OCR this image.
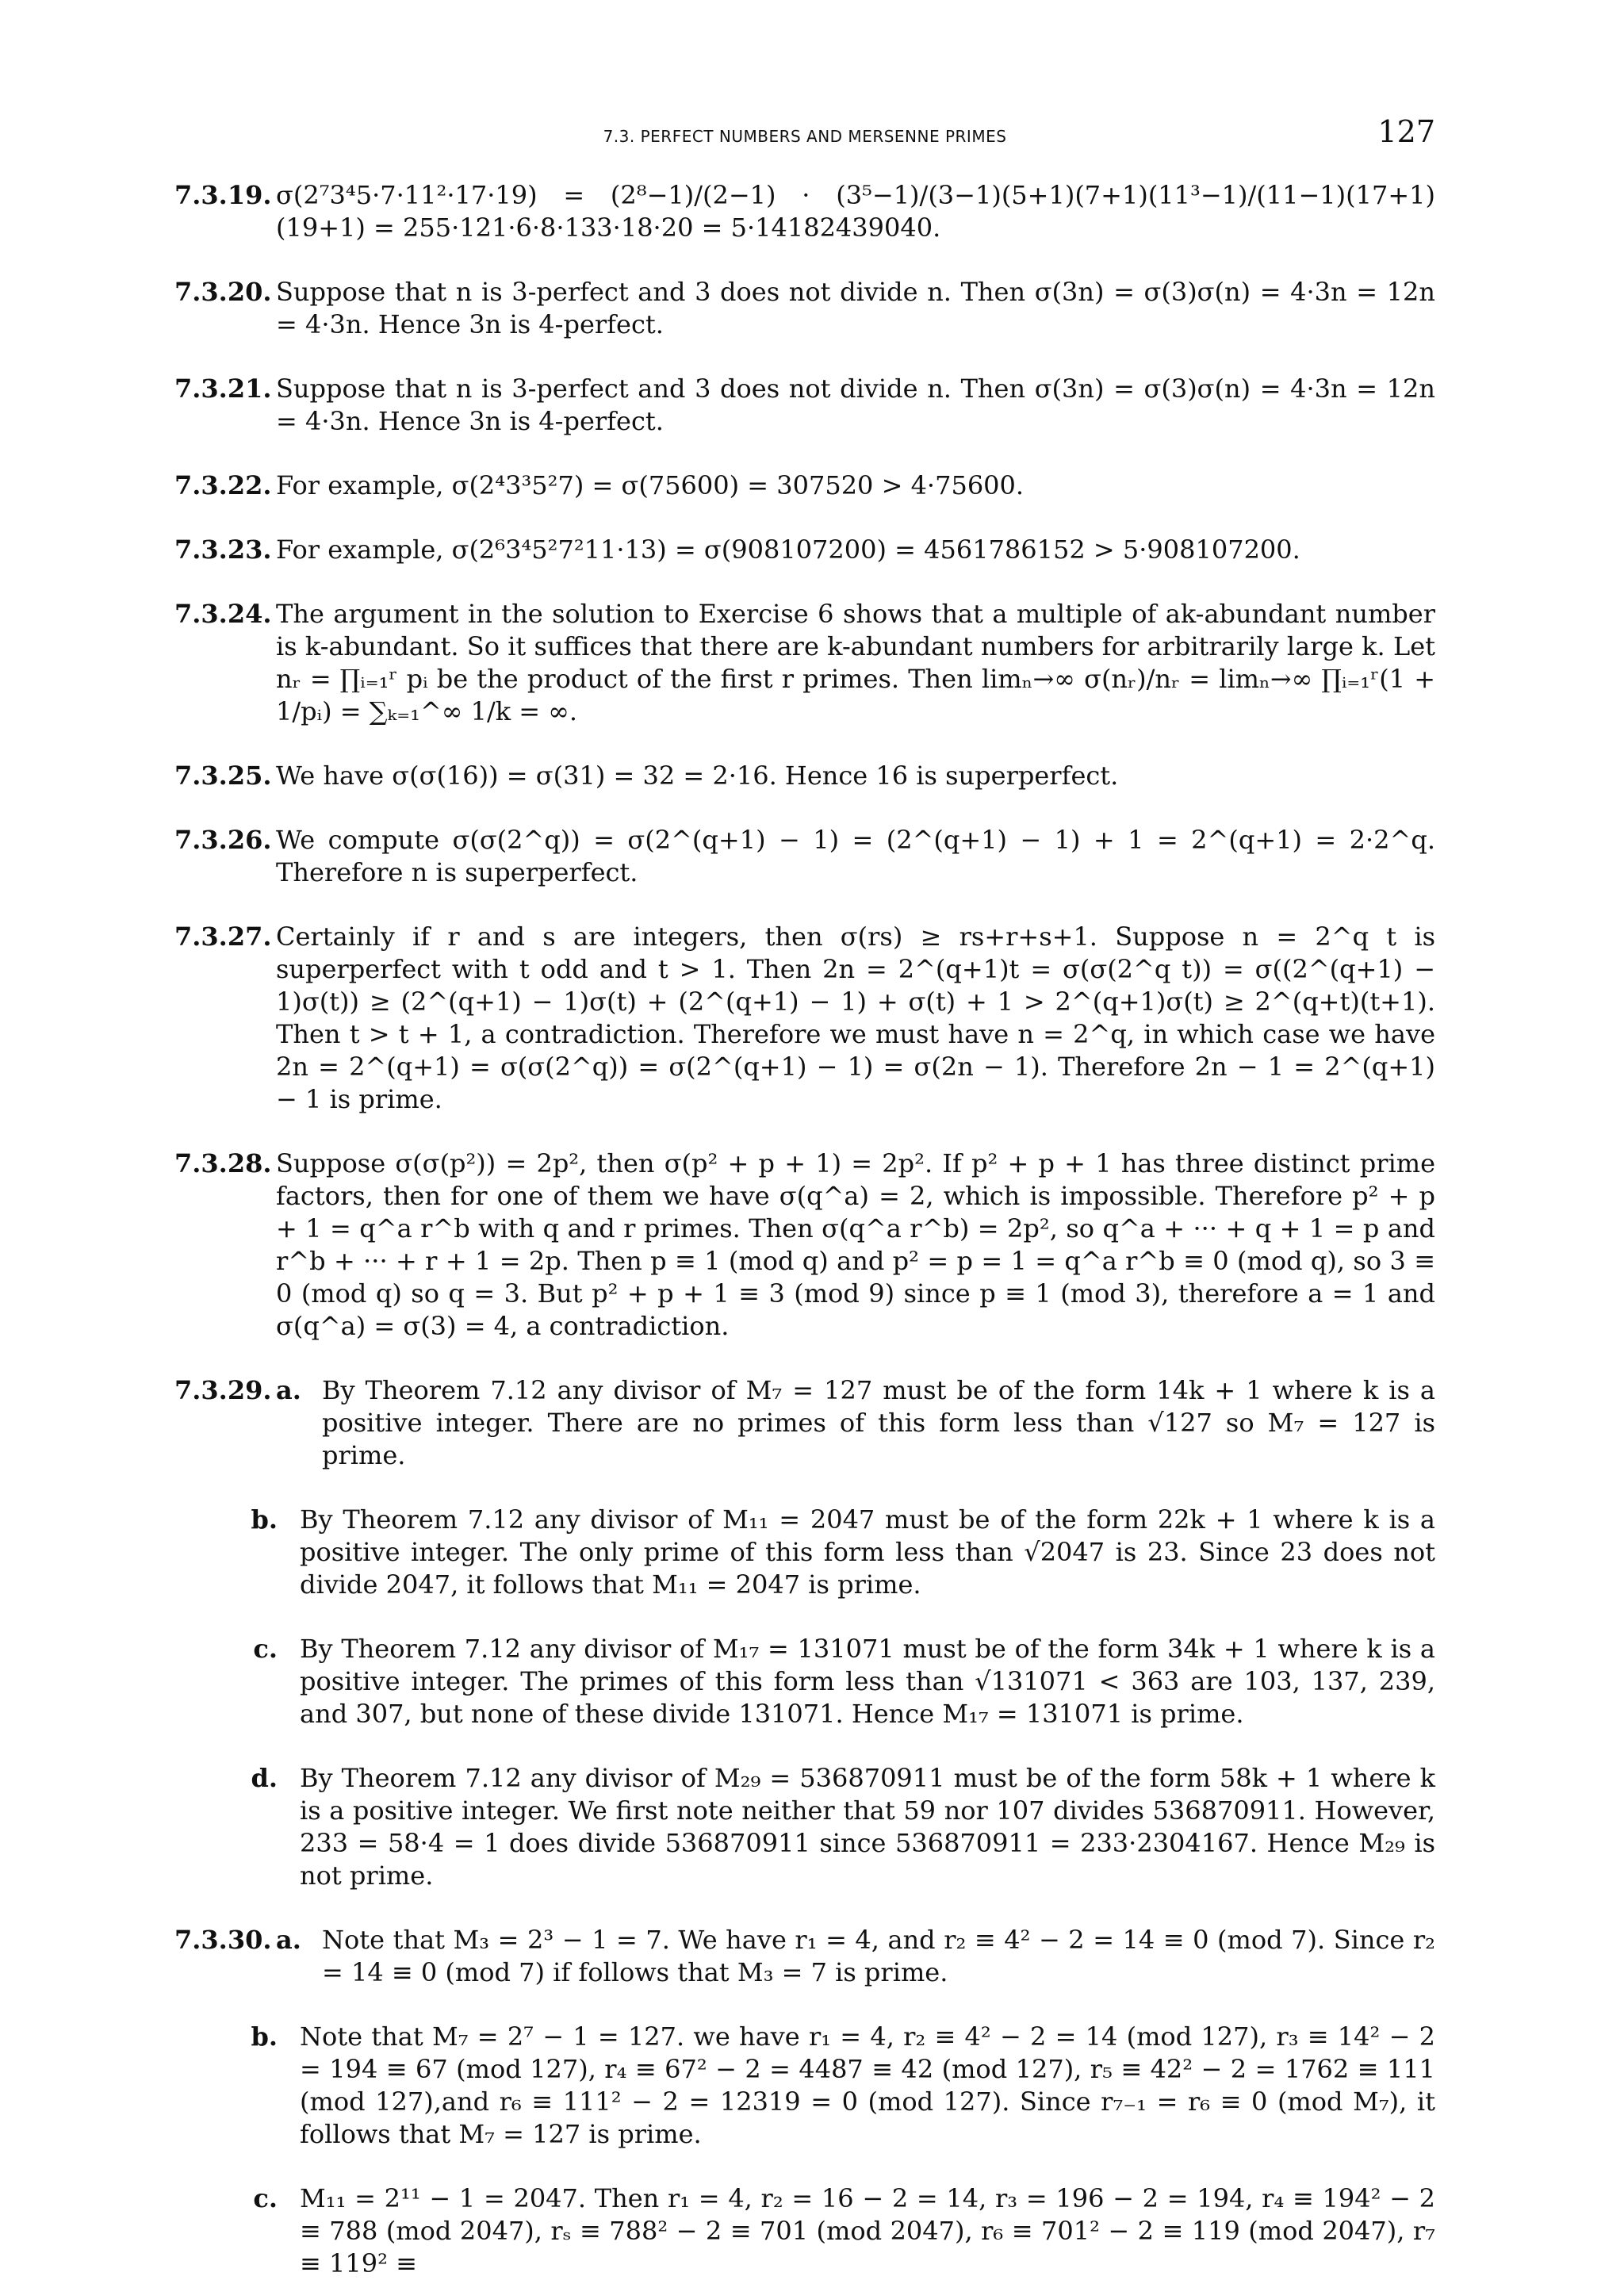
7.3. PERFECT NUMBERS AND MERSENNE PRIMES	127
7.3.19. σ(2⁷3⁴5·7·11²·17·19) = (2⁸−1)/(2−1) · (3⁵−1)/(3−1)(5+1)(7+1)(11³−1)/(11−1)(17+1)(19+1) = 255·121·6·8·133·18·20 = 5·14182439040.
7.3.20. Suppose that n is 3-perfect and 3 does not divide n. Then σ(3n) = σ(3)σ(n) = 4·3n = 12n = 4·3n. Hence 3n is 4-perfect.
7.3.21. Suppose that n is 3-perfect and 3 does not divide n. Then σ(3n) = σ(3)σ(n) = 4·3n = 12n = 4·3n. Hence 3n is 4-perfect.
7.3.22. For example, σ(2⁴3³5²7) = σ(75600) = 307520 > 4·75600.
7.3.23. For example, σ(2⁶3⁴5²7²11·13) = σ(908107200) = 4561786152 > 5·908107200.
7.3.24. The argument in the solution to Exercise 6 shows that a multiple of ak-abundant number is k-abundant. So it suffices that there are k-abundant numbers for arbitrarily large k. Let nᵣ = ∏ᵢ₌₁ʳ pᵢ be the product of the first r primes. Then limₙ→∞ σ(nᵣ)/nᵣ = limₙ→∞ ∏ᵢ₌₁ʳ(1 + 1/pᵢ) = ∑ₖ₌₁^∞ 1/k = ∞.
7.3.25. We have σ(σ(16)) = σ(31) = 32 = 2·16. Hence 16 is superperfect.
7.3.26. We compute σ(σ(2^q)) = σ(2^(q+1) − 1) = (2^(q+1) − 1) + 1 = 2^(q+1) = 2·2^q. Therefore n is superperfect.
7.3.27. Certainly if r and s are integers, then σ(rs) ≥ rs+r+s+1. Suppose n = 2^q t is superperfect with t odd and t > 1. Then 2n = 2^(q+1)t = σ(σ(2^q t)) = σ((2^(q+1) − 1)σ(t)) ≥ (2^(q+1) − 1)σ(t) + (2^(q+1) − 1) + σ(t) + 1 > 2^(q+1)σ(t) ≥ 2^(q+t)(t+1). Then t > t + 1, a contradiction. Therefore we must have n = 2^q, in which case we have 2n = 2^(q+1) = σ(σ(2^q)) = σ(2^(q+1) − 1) = σ(2n − 1). Therefore 2n − 1 = 2^(q+1) − 1 is prime.
7.3.28. Suppose σ(σ(p²)) = 2p², then σ(p² + p + 1) = 2p². If p² + p + 1 has three distinct prime factors, then for one of them we have σ(q^a) = 2, which is impossible. Therefore p² + p + 1 = q^a r^b with q and r primes. Then σ(q^a r^b) = 2p², so q^a + ··· + q + 1 = p and r^b + ··· + r + 1 = 2p. Then p ≡ 1 (mod q) and p² = p = 1 = q^a r^b ≡ 0 (mod q), so 3 ≡ 0 (mod q) so q = 3. But p² + p + 1 ≡ 3 (mod 9) since p ≡ 1 (mod 3), therefore a = 1 and σ(q^a) = σ(3) = 4, a contradiction.
7.3.29. a. By Theorem 7.12 any divisor of M₇ = 127 must be of the form 14k + 1 where k is a positive integer. There are no primes of this form less than √127 so M₇ = 127 is prime.
b. By Theorem 7.12 any divisor of M₁₁ = 2047 must be of the form 22k + 1 where k is a positive integer. The only prime of this form less than √2047 is 23. Since 23 does not divide 2047, it follows that M₁₁ = 2047 is prime.
c. By Theorem 7.12 any divisor of M₁₇ = 131071 must be of the form 34k + 1 where k is a positive integer. The primes of this form less than √131071 < 363 are 103, 137, 239, and 307, but none of these divide 131071. Hence M₁₇ = 131071 is prime.
d. By Theorem 7.12 any divisor of M₂₉ = 536870911 must be of the form 58k + 1 where k is a positive integer. We first note neither that 59 nor 107 divides 536870911. However, 233 = 58·4 = 1 does divide 536870911 since 536870911 = 233·2304167. Hence M₂₉ is not prime.
7.3.30. a. Note that M₃ = 2³ − 1 = 7. We have r₁ = 4, and r₂ ≡ 4² − 2 = 14 ≡ 0 (mod 7). Since r₂ = 14 ≡ 0 (mod 7) if follows that M₃ = 7 is prime.
b. Note that M₇ = 2⁷ − 1 = 127. we have r₁ = 4, r₂ ≡ 4² − 2 = 14 (mod 127), r₃ ≡ 14² − 2 = 194 ≡ 67 (mod 127), r₄ ≡ 67² − 2 = 4487 ≡ 42 (mod 127), r₅ ≡ 42² − 2 = 1762 ≡ 111 (mod 127),and r₆ ≡ 111² − 2 = 12319 = 0 (mod 127). Since r₇₋₁ = r₆ ≡ 0 (mod M₇), it follows that M₇ = 127 is prime.
c. M₁₁ = 2¹¹ − 1 = 2047. Then r₁ = 4, r₂ = 16 − 2 = 14, r₃ = 196 − 2 = 194, r₄ ≡ 194² − 2 ≡ 788 (mod 2047), rₛ ≡ 788² − 2 ≡ 701 (mod 2047), r₆ ≡ 701² − 2 ≡ 119 (mod 2047), r₇ ≡ 119² ≡
